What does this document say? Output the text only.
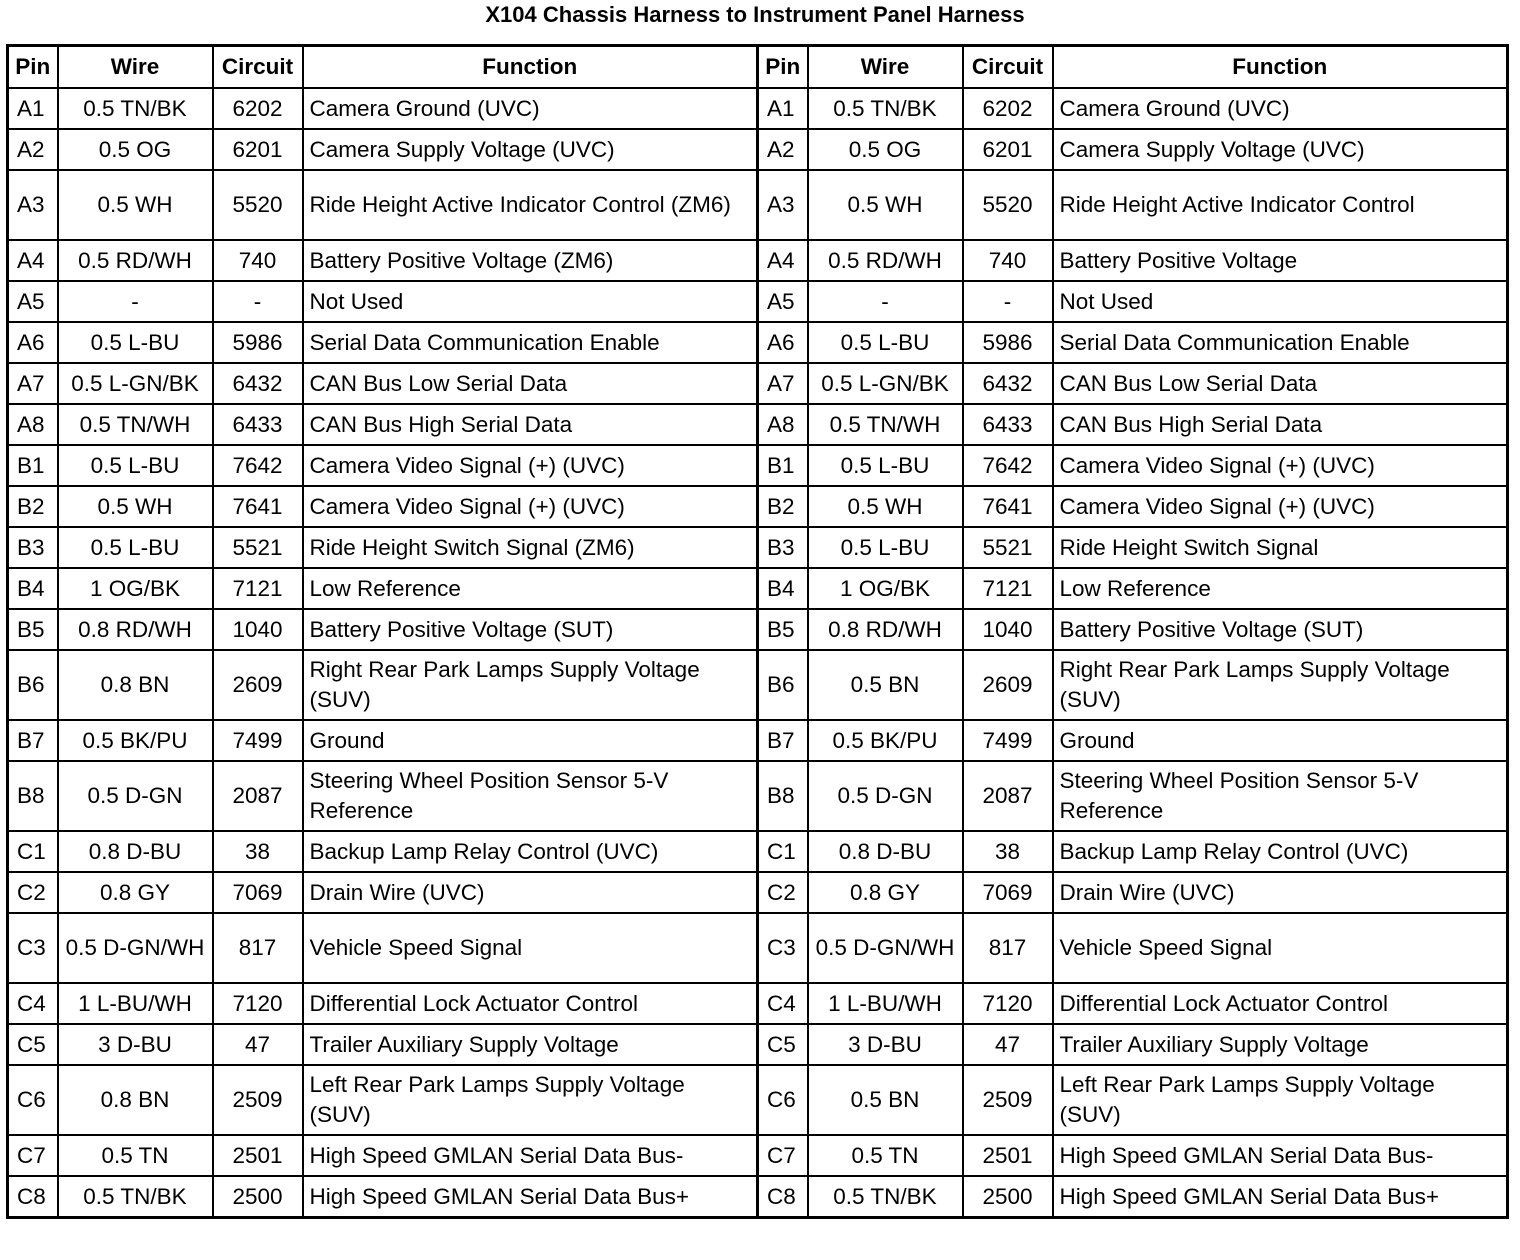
X104 Chassis Harness to Instrument Panel Harness
Pin	Wire	Circuit	Function	Pin	Wire	Circuit	Function
A1	0.5 TN/BK	6202	Camera Ground (UVC)	A1	0.5 TN/BK	6202	Camera Ground (UVC)
A2	0.5 OG	6201	Camera Supply Voltage (UVC)	A2	0.5 OG	6201	Camera Supply Voltage (UVC)
A3	0.5 WH	5520	Ride Height Active Indicator Control (ZM6)	A3	0.5 WH	5520	Ride Height Active Indicator Control
A4	0.5 RD/WH	740	Battery Positive Voltage (ZM6)	A4	0.5 RD/WH	740	Battery Positive Voltage
A5	-	-	Not Used	A5	-	-	Not Used
A6	0.5 L-BU	5986	Serial Data Communication Enable	A6	0.5 L-BU	5986	Serial Data Communication Enable
A7	0.5 L-GN/BK	6432	CAN Bus Low Serial Data	A7	0.5 L-GN/BK	6432	CAN Bus Low Serial Data
A8	0.5 TN/WH	6433	CAN Bus High Serial Data	A8	0.5 TN/WH	6433	CAN Bus High Serial Data
B1	0.5 L-BU	7642	Camera Video Signal (+) (UVC)	B1	0.5 L-BU	7642	Camera Video Signal (+) (UVC)
B2	0.5 WH	7641	Camera Video Signal (+) (UVC)	B2	0.5 WH	7641	Camera Video Signal (+) (UVC)
B3	0.5 L-BU	5521	Ride Height Switch Signal (ZM6)	B3	0.5 L-BU	5521	Ride Height Switch Signal
B4	1 OG/BK	7121	Low Reference	B4	1 OG/BK	7121	Low Reference
B5	0.8 RD/WH	1040	Battery Positive Voltage (SUT)	B5	0.8 RD/WH	1040	Battery Positive Voltage (SUT)
B6	0.8 BN	2609	Right Rear Park Lamps Supply Voltage (SUV)	B6	0.5 BN	2609	Right Rear Park Lamps Supply Voltage (SUV)
B7	0.5 BK/PU	7499	Ground	B7	0.5 BK/PU	7499	Ground
B8	0.5 D-GN	2087	Steering Wheel Position Sensor 5-V Reference	B8	0.5 D-GN	2087	Steering Wheel Position Sensor 5-V Reference
C1	0.8 D-BU	38	Backup Lamp Relay Control (UVC)	C1	0.8 D-BU	38	Backup Lamp Relay Control (UVC)
C2	0.8 GY	7069	Drain Wire (UVC)	C2	0.8 GY	7069	Drain Wire (UVC)
C3	0.5 D-GN/WH	817	Vehicle Speed Signal	C3	0.5 D-GN/WH	817	Vehicle Speed Signal
C4	1 L-BU/WH	7120	Differential Lock Actuator Control	C4	1 L-BU/WH	7120	Differential Lock Actuator Control
C5	3 D-BU	47	Trailer Auxiliary Supply Voltage	C5	3 D-BU	47	Trailer Auxiliary Supply Voltage
C6	0.8 BN	2509	Left Rear Park Lamps Supply Voltage (SUV)	C6	0.5 BN	2509	Left Rear Park Lamps Supply Voltage (SUV)
C7	0.5 TN	2501	High Speed GMLAN Serial Data Bus-	C7	0.5 TN	2501	High Speed GMLAN Serial Data Bus-
C8	0.5 TN/BK	2500	High Speed GMLAN Serial Data Bus+	C8	0.5 TN/BK	2500	High Speed GMLAN Serial Data Bus+
